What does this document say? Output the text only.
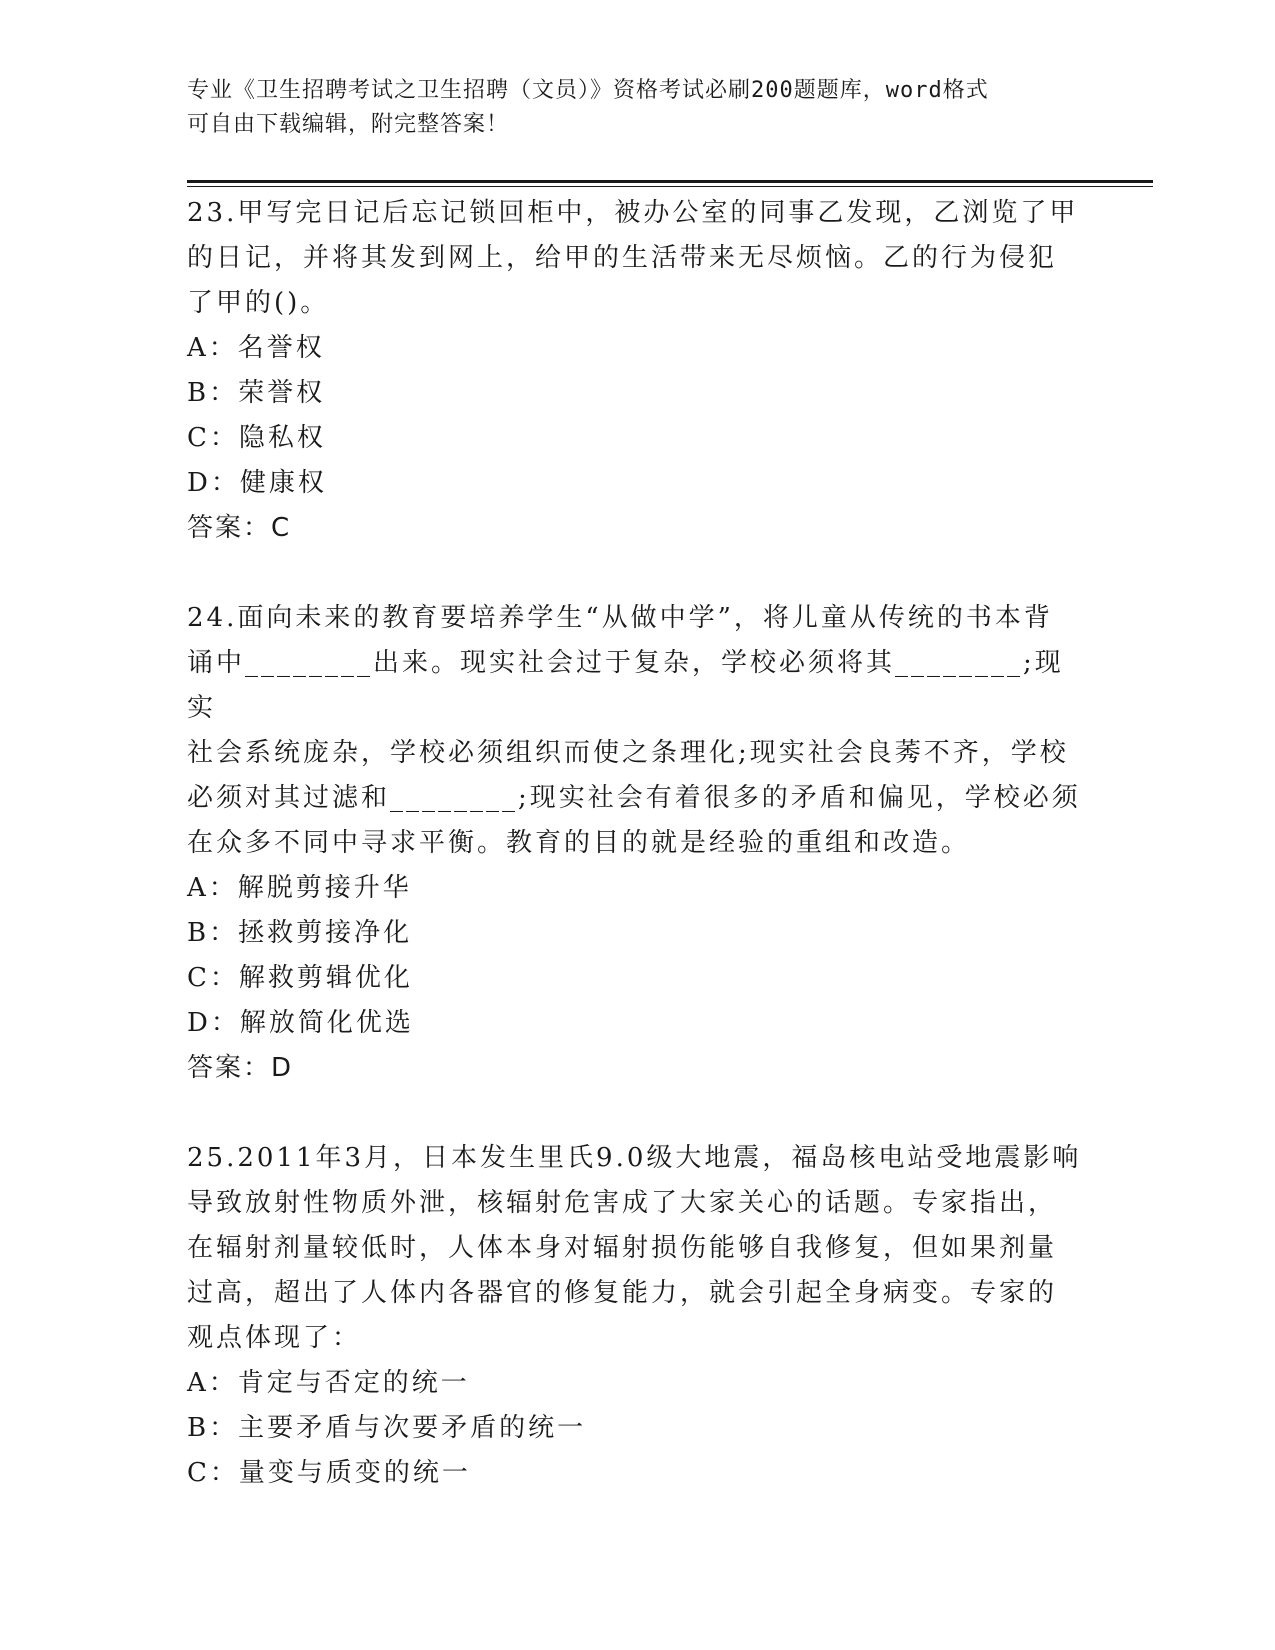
专业《卫生招聘考试之卫生招聘（文员）》资格考试必刷200题题库，word格式
可自由下载编辑，附完整答案！

23.甲写完日记后忘记锁回柜中，被办公室的同事乙发现，乙浏览了甲

的日记，并将其发到网上，给甲的生活带来无尽烦恼。乙的行为侵犯

了甲的()。

A：名誉权

B：荣誉权

C：隐私权

D：健康权

答案：C

24.面向未来的教育要培养学生“从做中学”，将儿童从传统的书本背

诵中________出来。现实社会过于复杂，学校必须将其________;现实

社会系统庞杂，学校必须组织而使之条理化;现实社会良莠不齐，学校

必须对其过滤和________;现实社会有着很多的矛盾和偏见，学校必须

在众多不同中寻求平衡。教育的目的就是经验的重组和改造。

A：解脱剪接升华

B：拯救剪接净化

C：解救剪辑优化

D：解放简化优选

答案：D

25.2011年3月，日本发生里氏9.0级大地震，福岛核电站受地震影响

导致放射性物质外泄，核辐射危害成了大家关心的话题。专家指出，

在辐射剂量较低时，人体本身对辐射损伤能够自我修复，但如果剂量

过高，超出了人体内各器官的修复能力，就会引起全身病变。专家的

观点体现了：

A：肯定与否定的统一

B：主要矛盾与次要矛盾的统一

C：量变与质变的统一
